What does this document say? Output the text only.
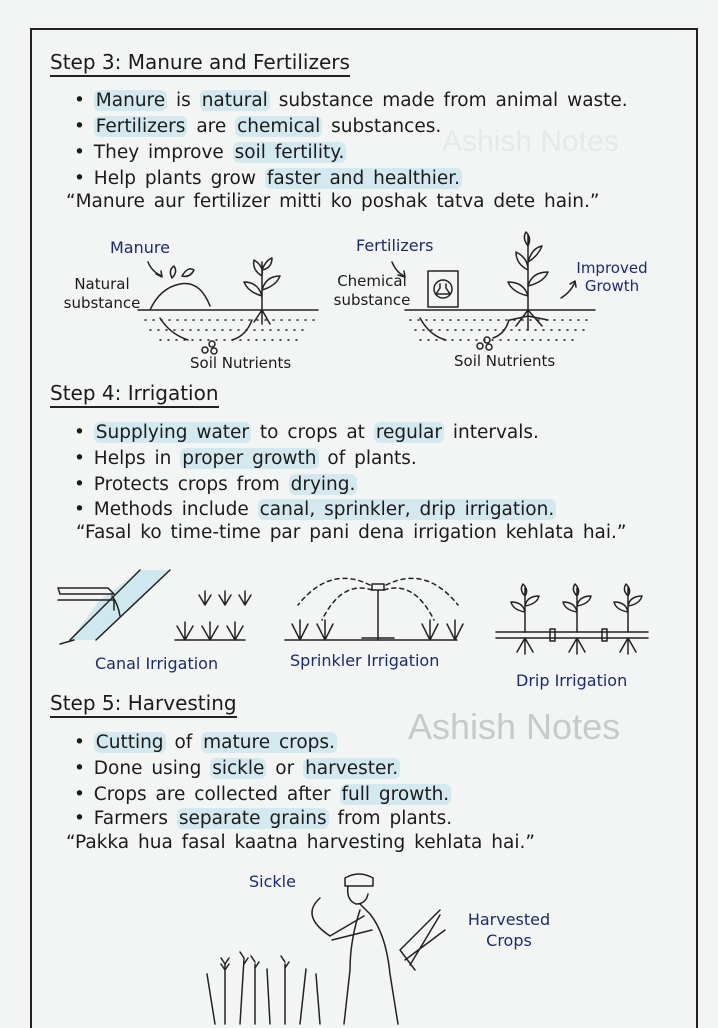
Ashish Notes
Ashish Notes
Step 3: Manure and Fertilizers
• Manure is natural substance made from animal waste.
• Fertilizers are chemical substances.
• They improve soil fertility.
• Help plants grow faster and healthier.
“Manure aur fertilizer mitti ko poshak tatva dete hain.”
Manure
Natural substance
Soil Nutrients
Fertilizers
Chemical substance
Improved Growth
Soil Nutrients
Step 4: Irrigation
• Supplying water to crops at regular intervals.
• Helps in proper growth of plants.
• Protects crops from drying.
• Methods include canal, sprinkler, drip irrigation.
“Fasal ko time-time par pani dena irrigation kehlata hai.”
Canal Irrigation	Sprinkler Irrigation
Drip Irrigation
Step 5: Harvesting
• Cutting of mature crops.
• Done using sickle or harvester.
• Crops are collected after full growth.
• Farmers separate grains from plants.
“Pakka hua fasal kaatna harvesting kehlata hai.”
Sickle
Harvested Crops
